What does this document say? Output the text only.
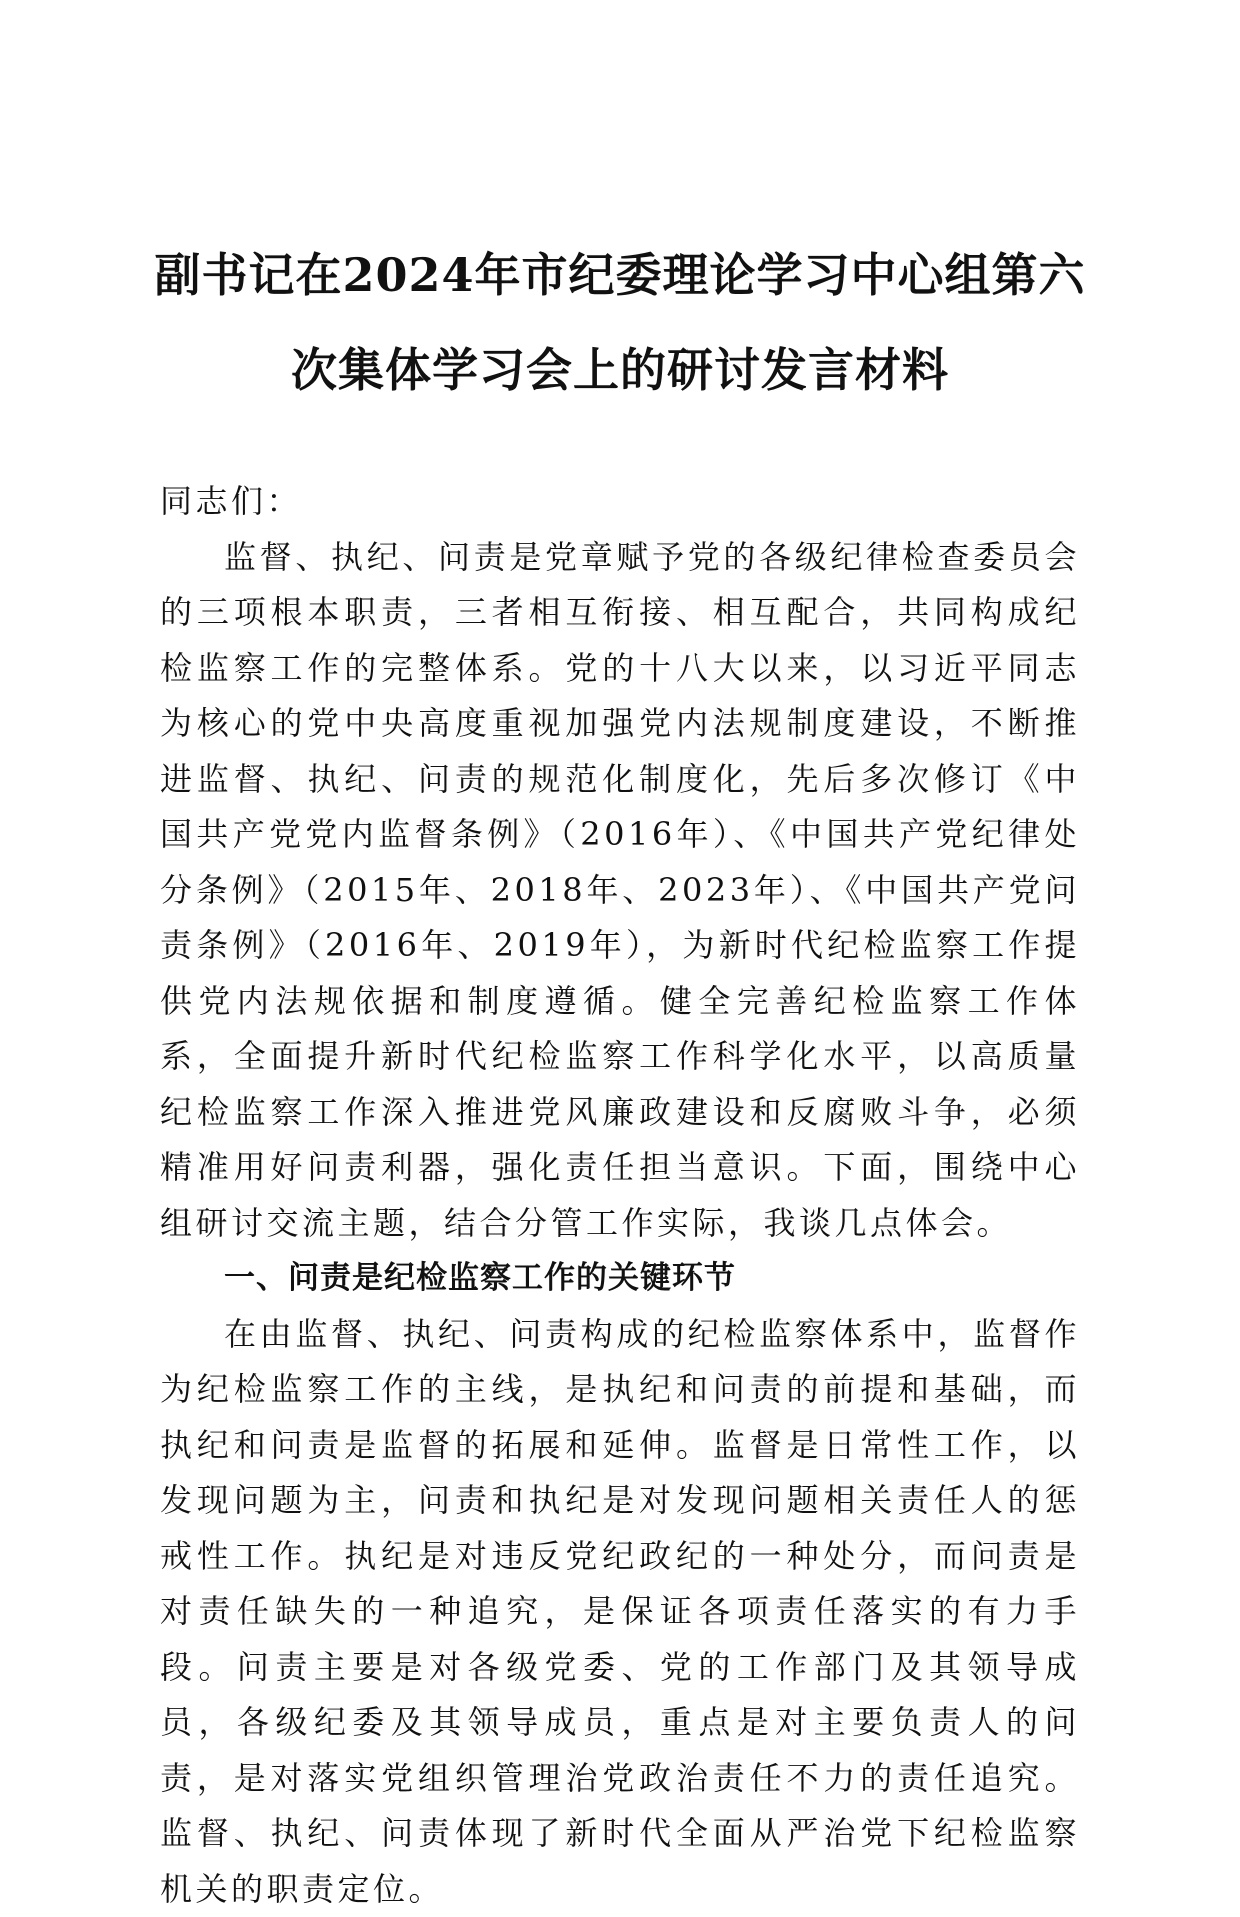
副书记在2024年市纪委理论学习中心组第六
次集体学习会上的研讨发言材料

同志们：

监督、执纪、问责是党章赋予党的各级纪律检查委员会的三项根本职责，三者相互衔接、相互配合，共同构成纪检监察工作的完整体系。党的十八大以来，以习近平同志为核心的党中央高度重视加强党内法规制度建设，不断推进监督、执纪、问责的规范化制度化，先后多次修订《中国共产党党内监督条例》（2016年）、《中国共产党纪律处分条例》（2015年、2018年、2023年）、《中国共产党问责条例》（2016年、2019年），为新时代纪检监察工作提供党内法规依据和制度遵循。健全完善纪检监察工作体系，全面提升新时代纪检监察工作科学化水平，以高质量纪检监察工作深入推进党风廉政建设和反腐败斗争，必须精准用好问责利器，强化责任担当意识。下面，围绕中心组研讨交流主题，结合分管工作实际，我谈几点体会。

一、问责是纪检监察工作的关键环节

在由监督、执纪、问责构成的纪检监察体系中，监督作为纪检监察工作的主线，是执纪和问责的前提和基础，而执纪和问责是监督的拓展和延伸。监督是日常性工作，以发现问题为主，问责和执纪是对发现问题相关责任人的惩戒性工作。执纪是对违反党纪政纪的一种处分，而问责是对责任缺失的一种追究，是保证各项责任落实的有力手段。问责主要是对各级党委、党的工作部门及其领导成员，各级纪委及其领导成员，重点是对主要负责人的问责，是对落实党组织管理治党政治责任不力的责任追究。监督、执纪、问责体现了新时代全面从严治党下纪检监察机关的职责定位。
